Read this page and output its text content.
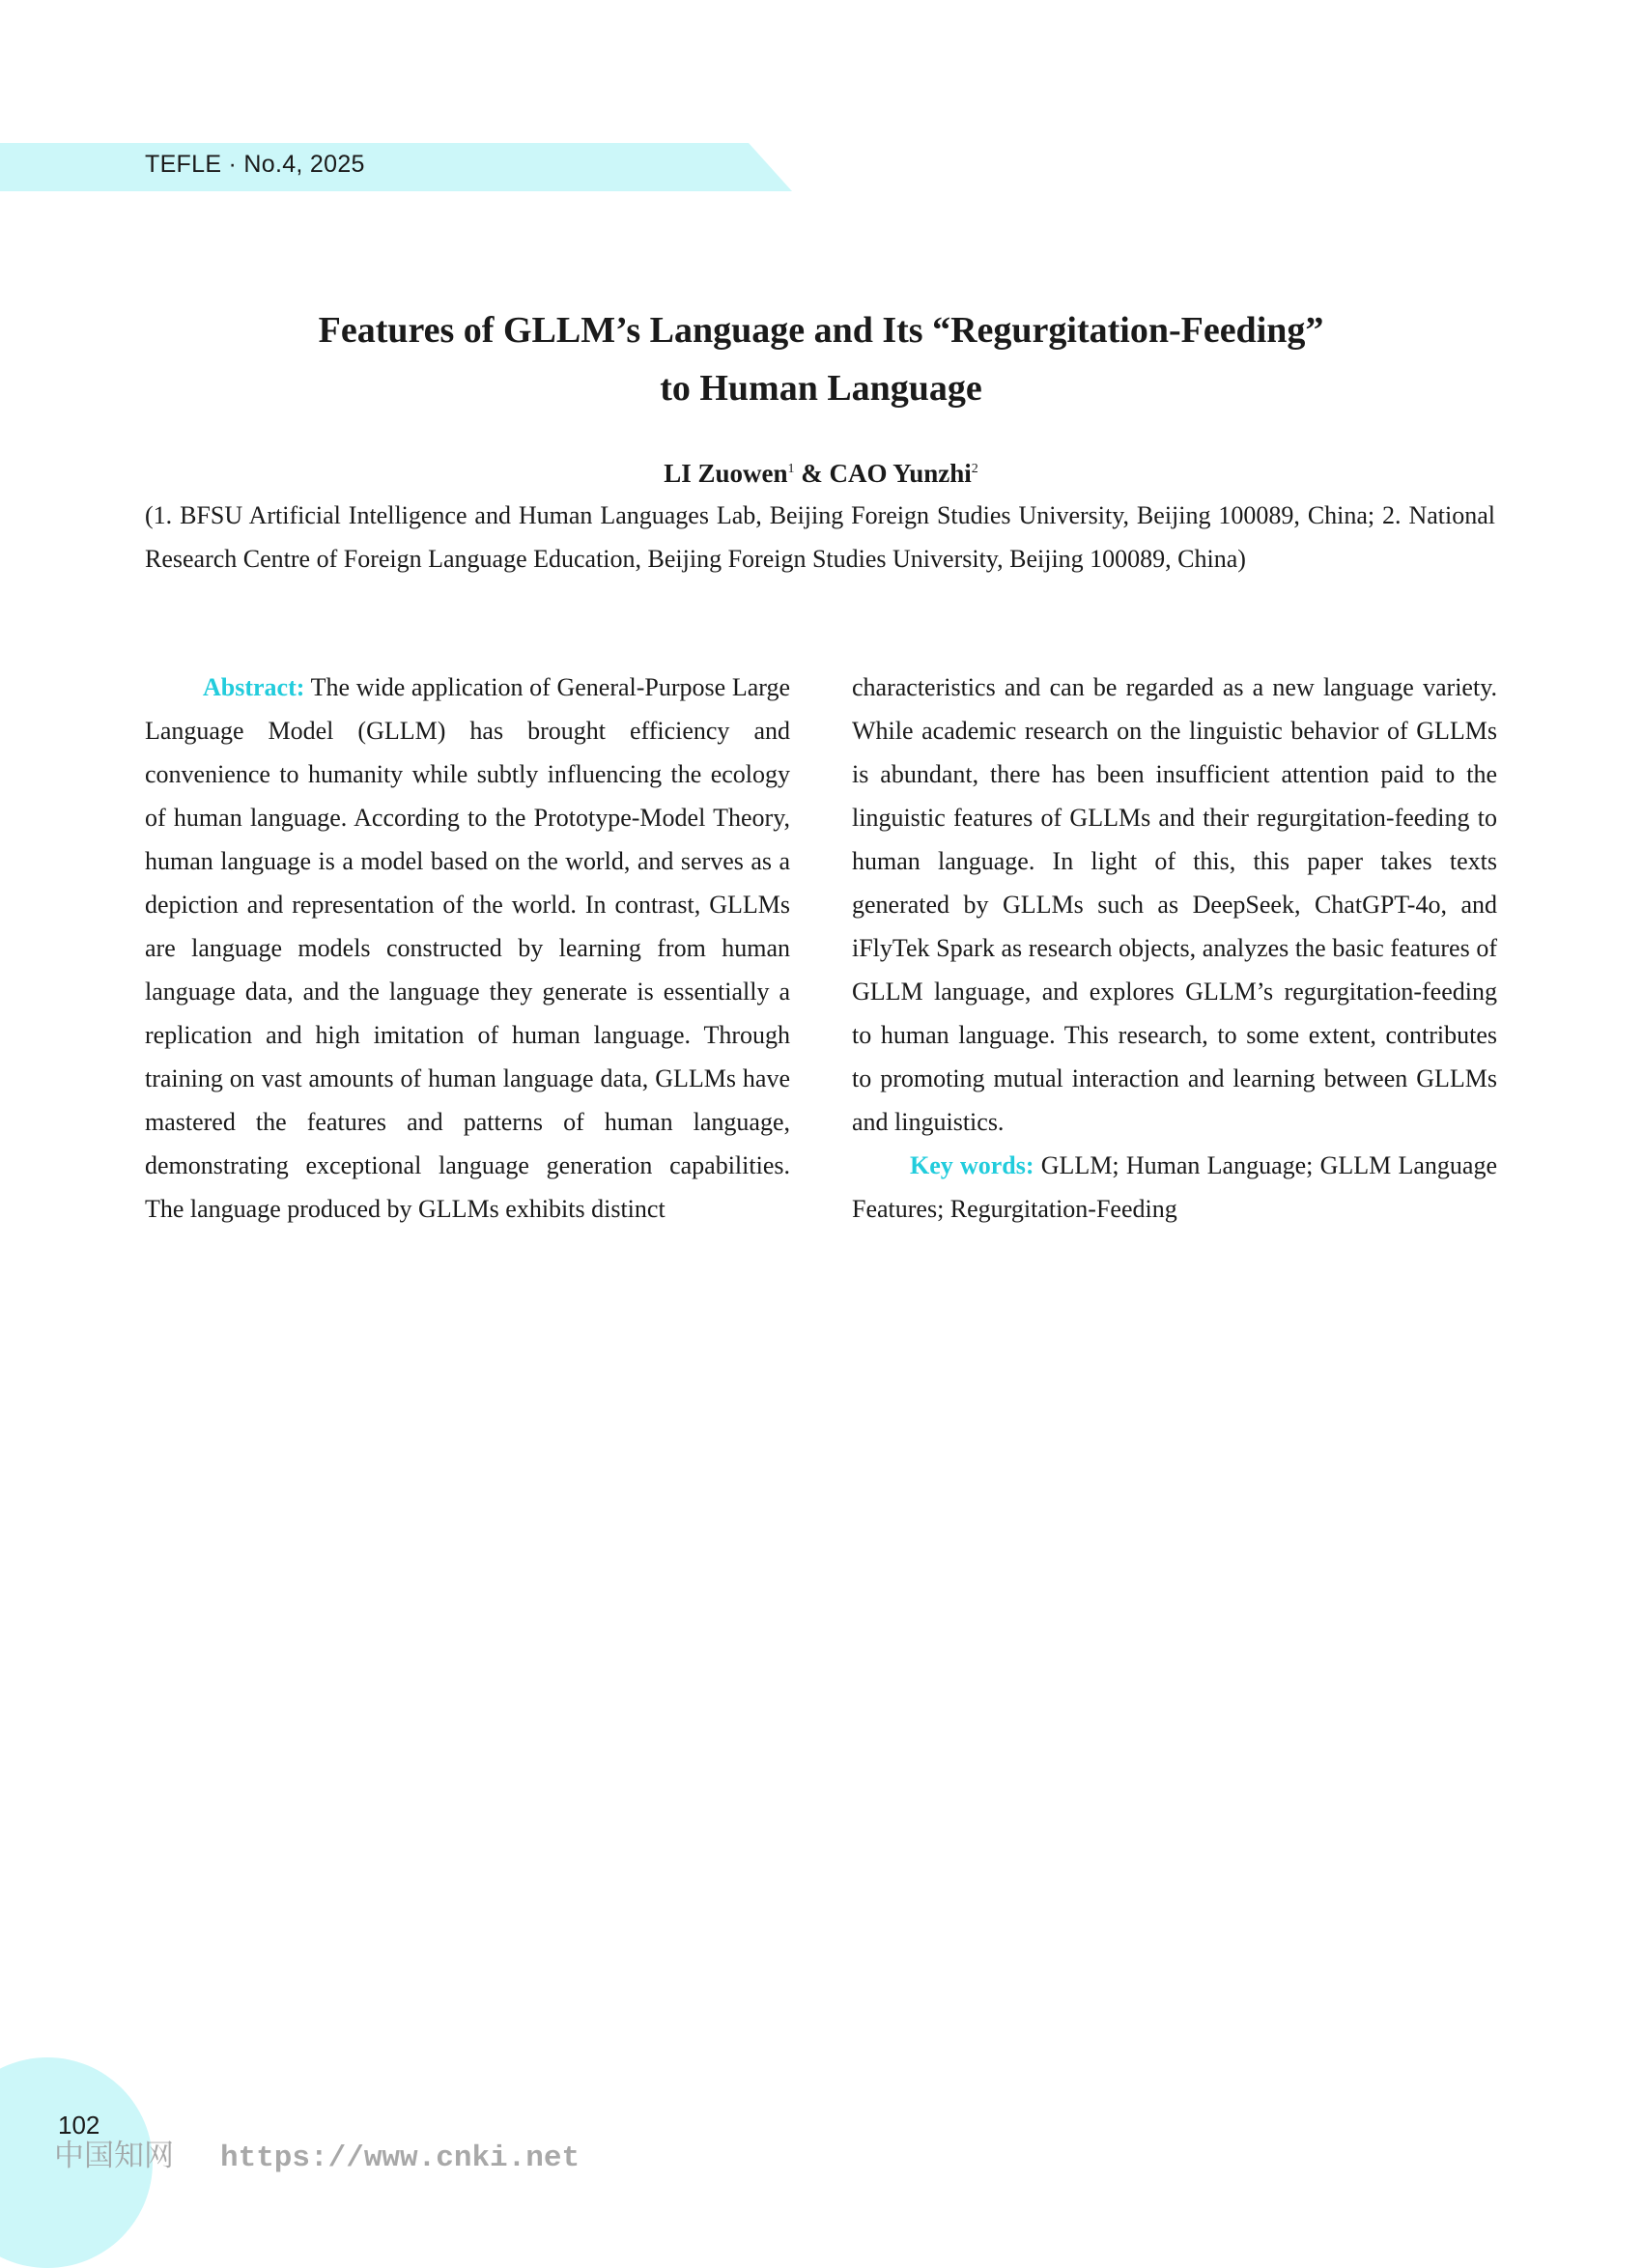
TEFLE · No.4, 2025
Features of GLLM’s Language and Its “Regurgitation-Feeding”
to Human Language
LI Zuowen$^1$ & CAO Yunzhi$^2$
(1. BFSU Artificial Intelligence and Human Languages Lab, Beijing Foreign Studies University, Beijing 100089, China; 2. National Research Centre of Foreign Language Education, Beijing Foreign Studies University, Beijing 100089, China)

Abstract: The wide application of General-Purpose Large Language Model (GLLM) has brought efficiency and convenience to humanity while subtly influencing the ecology of human language. According to the Prototype-Model Theory, human language is a model based on the world, and serves as a depiction and representation of the world. In contrast, GLLMs are language models constructed by learning from human language data, and the language they generate is essentially a replication and high imitation of human language. Through training on vast amounts of human language data, GLLMs have mastered the features and patterns of human language, demonstrating exceptional language generation capabilities. The language produced by GLLMs exhibits distinct

characteristics and can be regarded as a new language variety. While academic research on the linguistic behavior of GLLMs is abundant, there has been insufficient attention paid to the linguistic features of GLLMs and their regurgitation-feeding to human language. In light of this, this paper takes texts generated by GLLMs such as DeepSeek, ChatGPT-4o, and iFlyTek Spark as research objects, analyzes the basic features of GLLM language, and explores GLLM’s regurgitation-feeding to human language. This research, to some extent, contributes to promoting mutual interaction and learning between GLLMs and linguistics.

Key words: GLLM; Human Language; GLLM Language Features; Regurgitation-Feeding

102
中国知网 https://www.cnki.net
